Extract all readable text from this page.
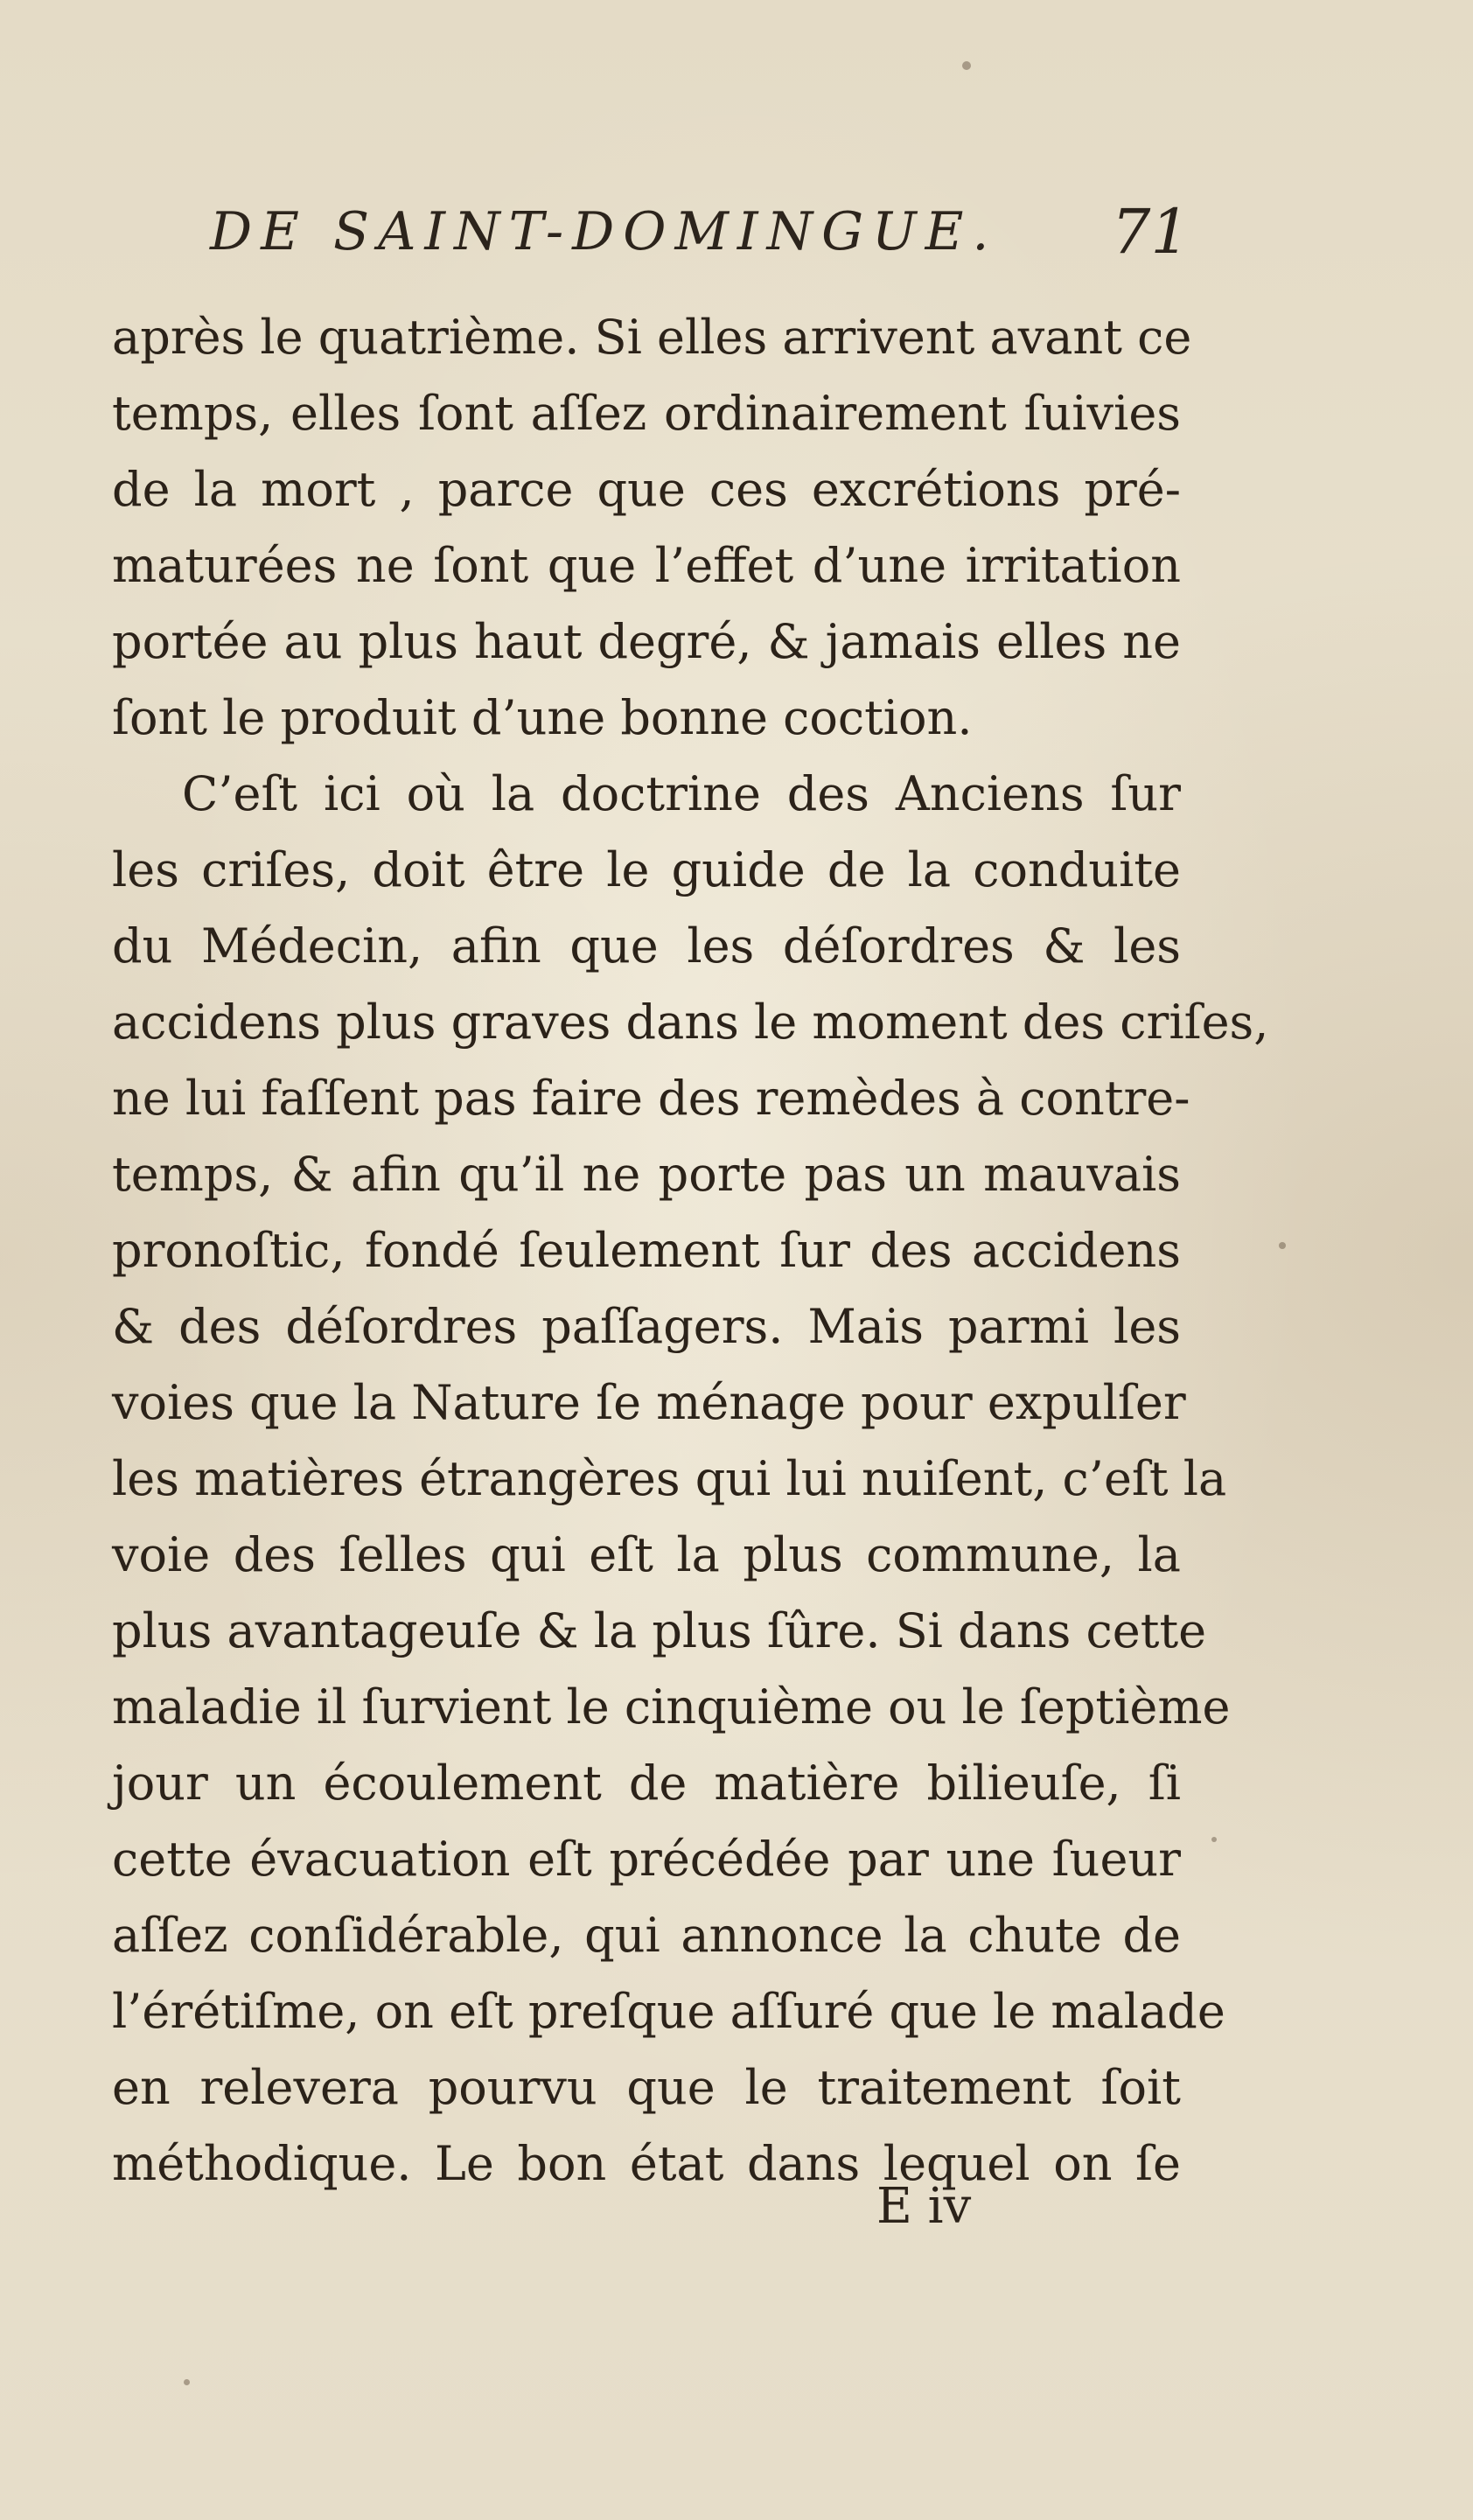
DE SAINT-DOMINGUE. 71
après le quatrième. Si elles arrivent avant ce
temps, elles ſont aſſez ordinairement ſuivies
de la mort , parce que ces excrétions pré-
maturées ne ſont que l’effet d’une irritation
portée au plus haut degré, & jamais elles ne
ſont le produit d’une bonne coction.
C’eſt ici où la doctrine des Anciens ſur
les criſes, doit être le guide de la conduite
du Médecin, afin que les déſordres & les
accidens plus graves dans le moment des criſes,
ne lui faſſent pas faire des remèdes à contre-
temps, & afin qu’il ne porte pas un mauvais
pronoſtic, fondé ſeulement ſur des accidens
& des déſordres paſſagers. Mais parmi les
voies que la Nature ſe ménage pour expulſer
les matières étrangères qui lui nuiſent, c’eſt la
voie des ſelles qui eſt la plus commune, la
plus avantageuſe & la plus ſûre. Si dans cette
maladie il ſurvient le cinquième ou le ſeptième
jour un écoulement de matière bilieuſe, ſi
cette évacuation eſt précédée par une ſueur
aſſez conſidérable, qui annonce la chute de
l’érétiſme, on eſt preſque aſſuré que le malade
en relevera pourvu que le traitement ſoit
méthodique. Le bon état dans lequel on ſe
E iv
